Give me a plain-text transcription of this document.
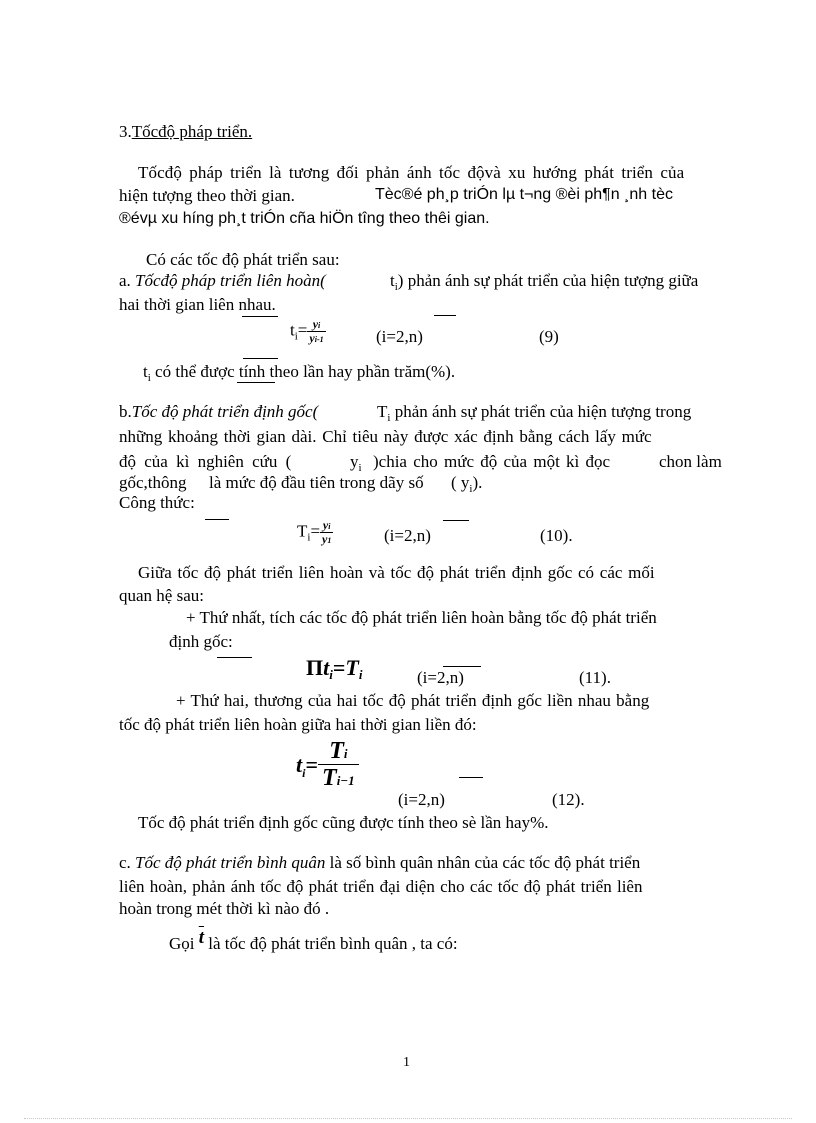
3.Tốcđộ pháp triển.
Tốcđộ pháp triển là tương đối phản ánh tốc độvà xu hướng phát triển của
hiện tượng theo thời gian.	Tèc®é ph¸p triÓn lµ t¬ng ®èi ph¶n ¸nh tèc
®évµ xu híng ph¸t triÓn cña hiÖn tîng theo thêi gian.
Có các tốc độ phát triển sau:
a. Tốcđộ pháp triển liên hoàn(	$t_i$) phản ánh sự phát triển của hiện tượng giữa
hai thời gian liên nhau.
$t_i= \frac{yi}{yi-1}$	(i=2,n)	(9)
$t_i$ có thể được tính theo lần hay phần trăm(%).
b.Tốc độ phát triển định gốc(	$T_i$ phản ánh sự phát triển của hiện tượng trong
những khoảng thời gian dài. Chỉ tiêu này được xác định bằng cách lấy mức
độ của kì nghiên cứu (	$y_i$ )chia cho mức độ của một kì đọc	chon làm
gốc,thông là mức độ đầu tiên trong dãy số ( $y_i$).
Công thức:
$T_i= \frac{yi}{y1}$	(i=2,n)	(10).
Giữa tốc độ phát triển liên hoàn và tốc độ phát triển định gốc có các mối
quan hệ sau:
+ Thứ nhất, tích các tốc độ phát triển liên hoàn bằng tốc độ phát triển
định gốc:
Πti=Ti	(i=2,n)	(11).
+ Thứ hai, thương của hai tốc độ phát triển định gốc liền nhau bằng
tốc độ phát triển liên hoàn giữa hai thời gian liền đó:
$t_i= \frac{Ti}{Ti-1}$
(i=2,n)	(12).
Tốc độ phát triển định gốc cũng được tính theo sè lần hay%.
c. Tốc độ phát triển bình quân là số bình quân nhân của các tốc độ phát triển
liên hoàn, phản ánh tốc độ phát triển đại diện cho các tốc độ phát triển liên
hoàn trong mét thời kì nào đó .
Gọi $\overline{t}$ là tốc độ phát triển bình quân , ta có:
1
